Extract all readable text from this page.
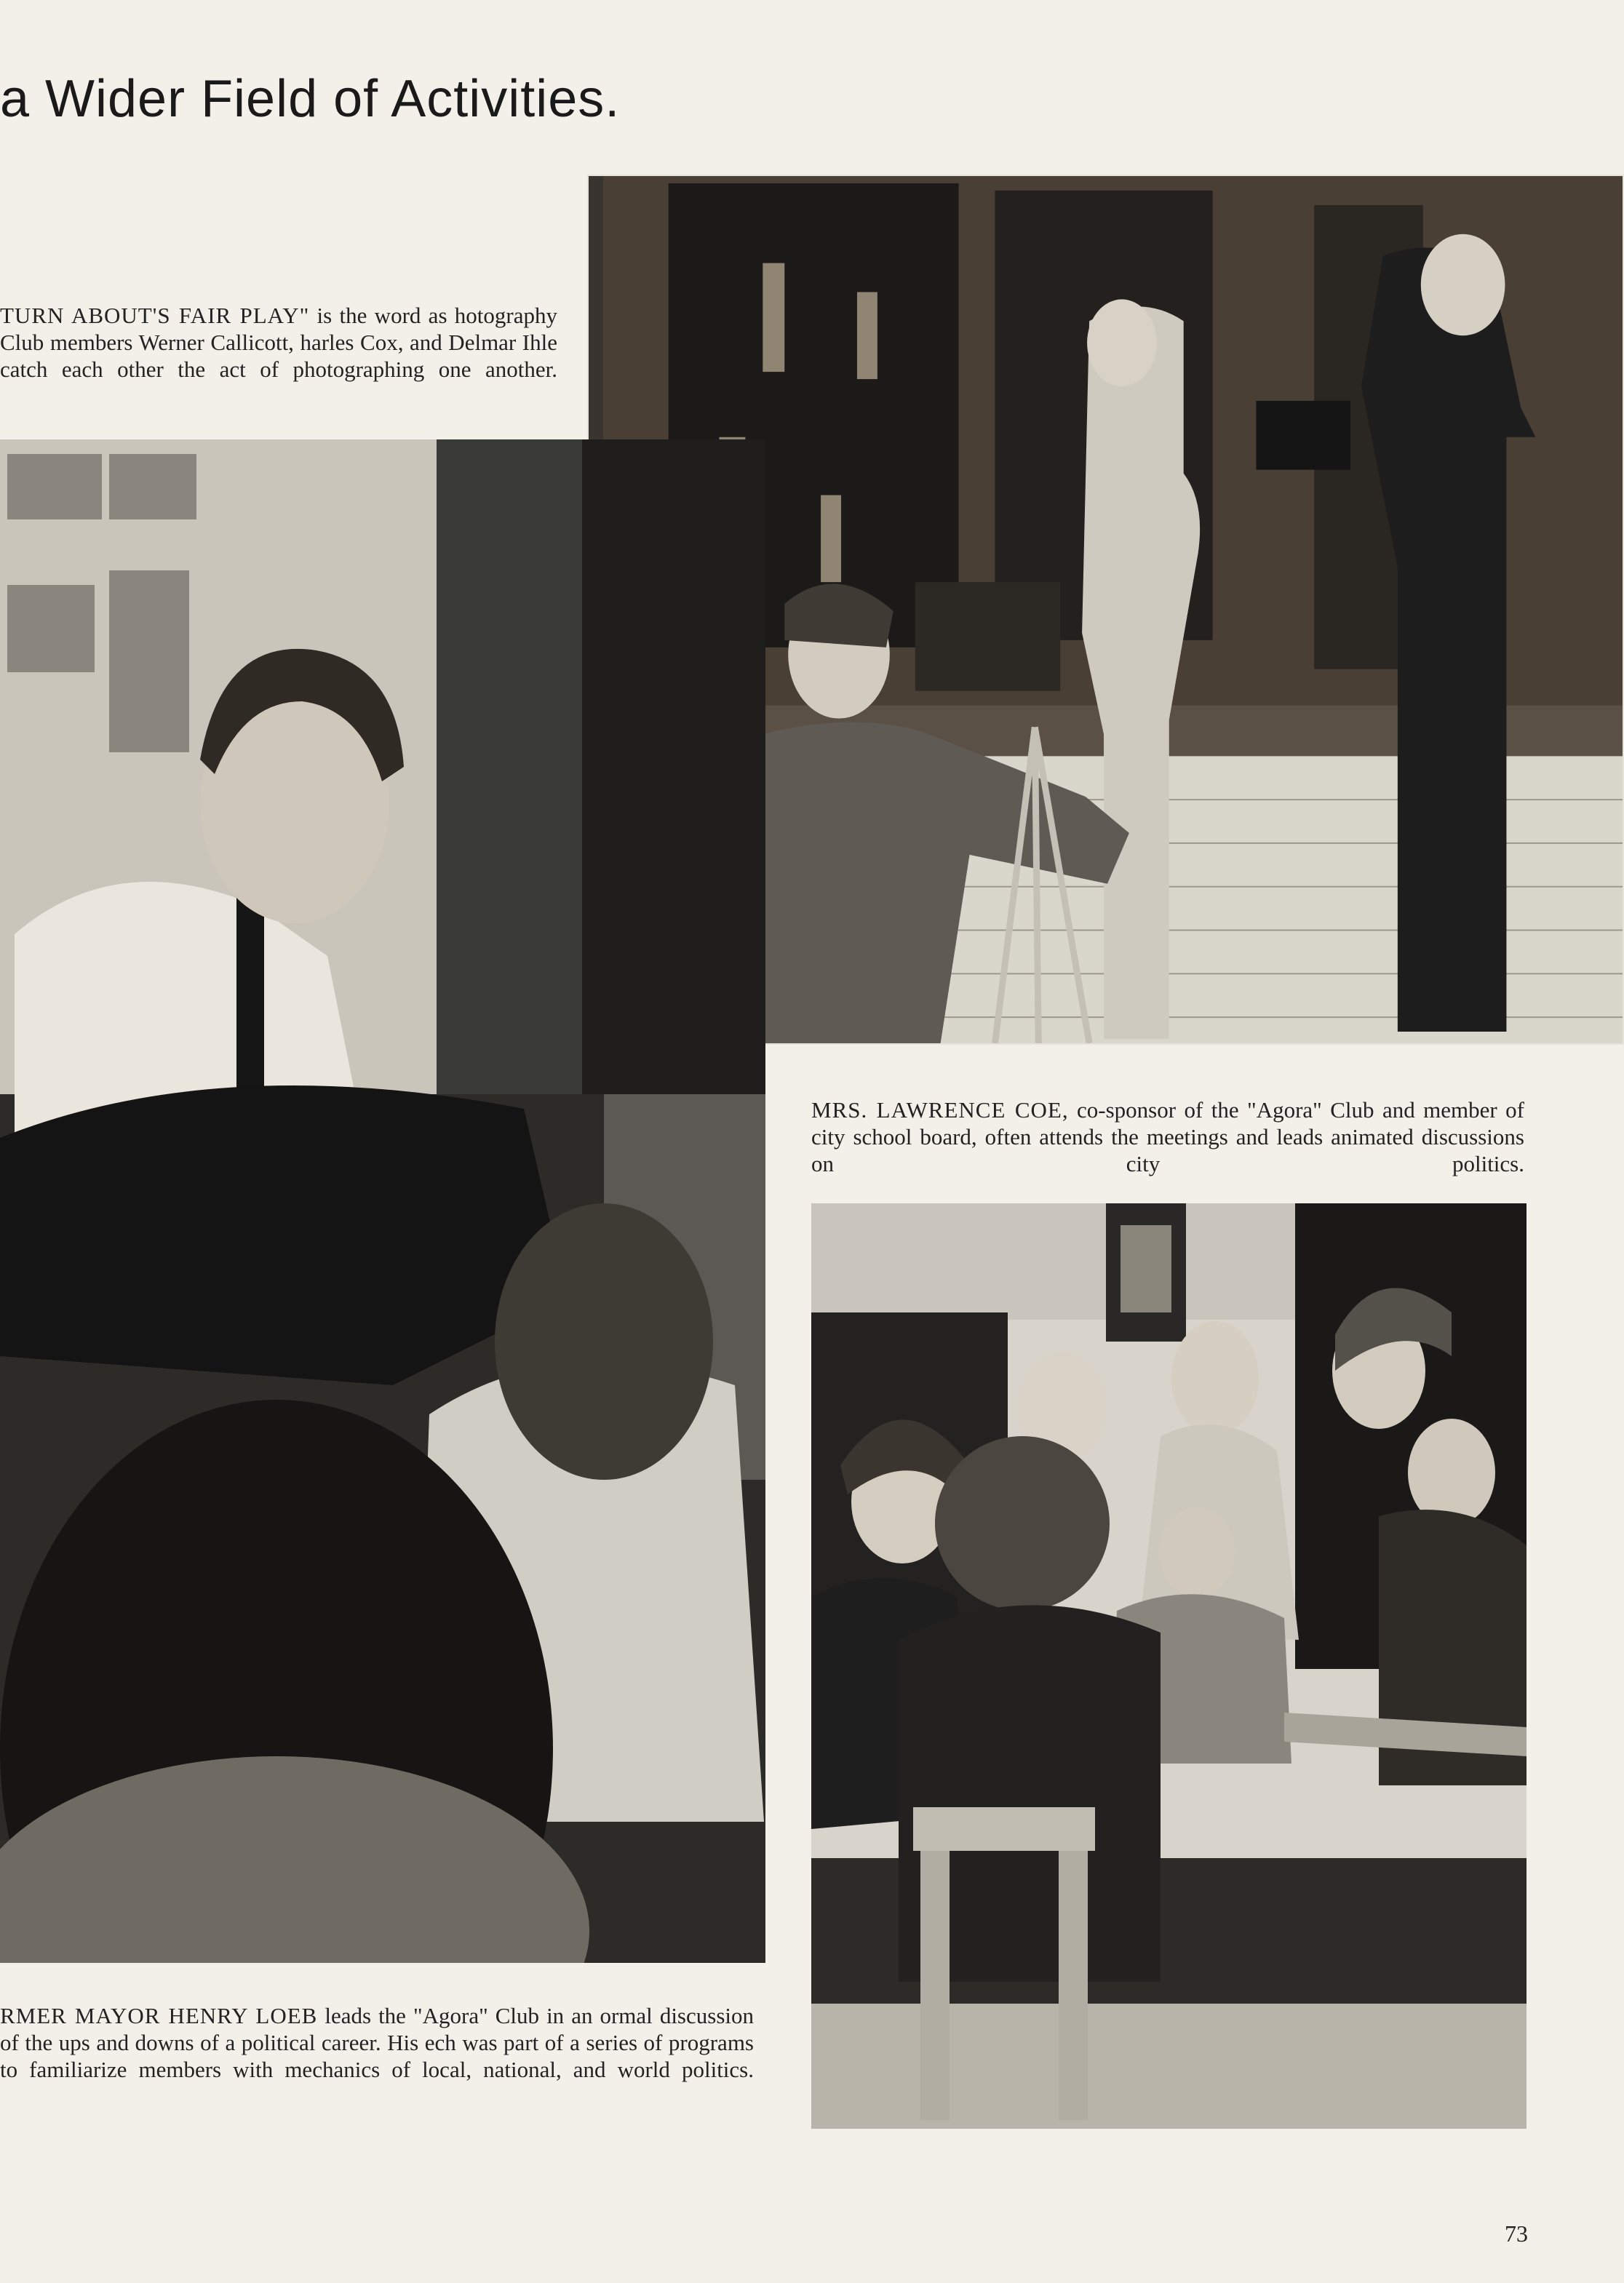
a Wider Field of Activities.

TURN ABOUT'S FAIR PLAY" is the word as hotography Club members Werner Callicott, harles Cox, and Delmar Ihle catch each other the act of photographing one another.

MRS. LAWRENCE COE, co-sponsor of the "Agora" Club and member of city school board, often attends the meetings and leads animated discussions on city politics.

RMER MAYOR HENRY LOEB leads the "Agora" Club in an ormal discussion of the ups and downs of a political career. His ech was part of a series of programs to familiarize members with mechanics of local, national, and world politics.

73
